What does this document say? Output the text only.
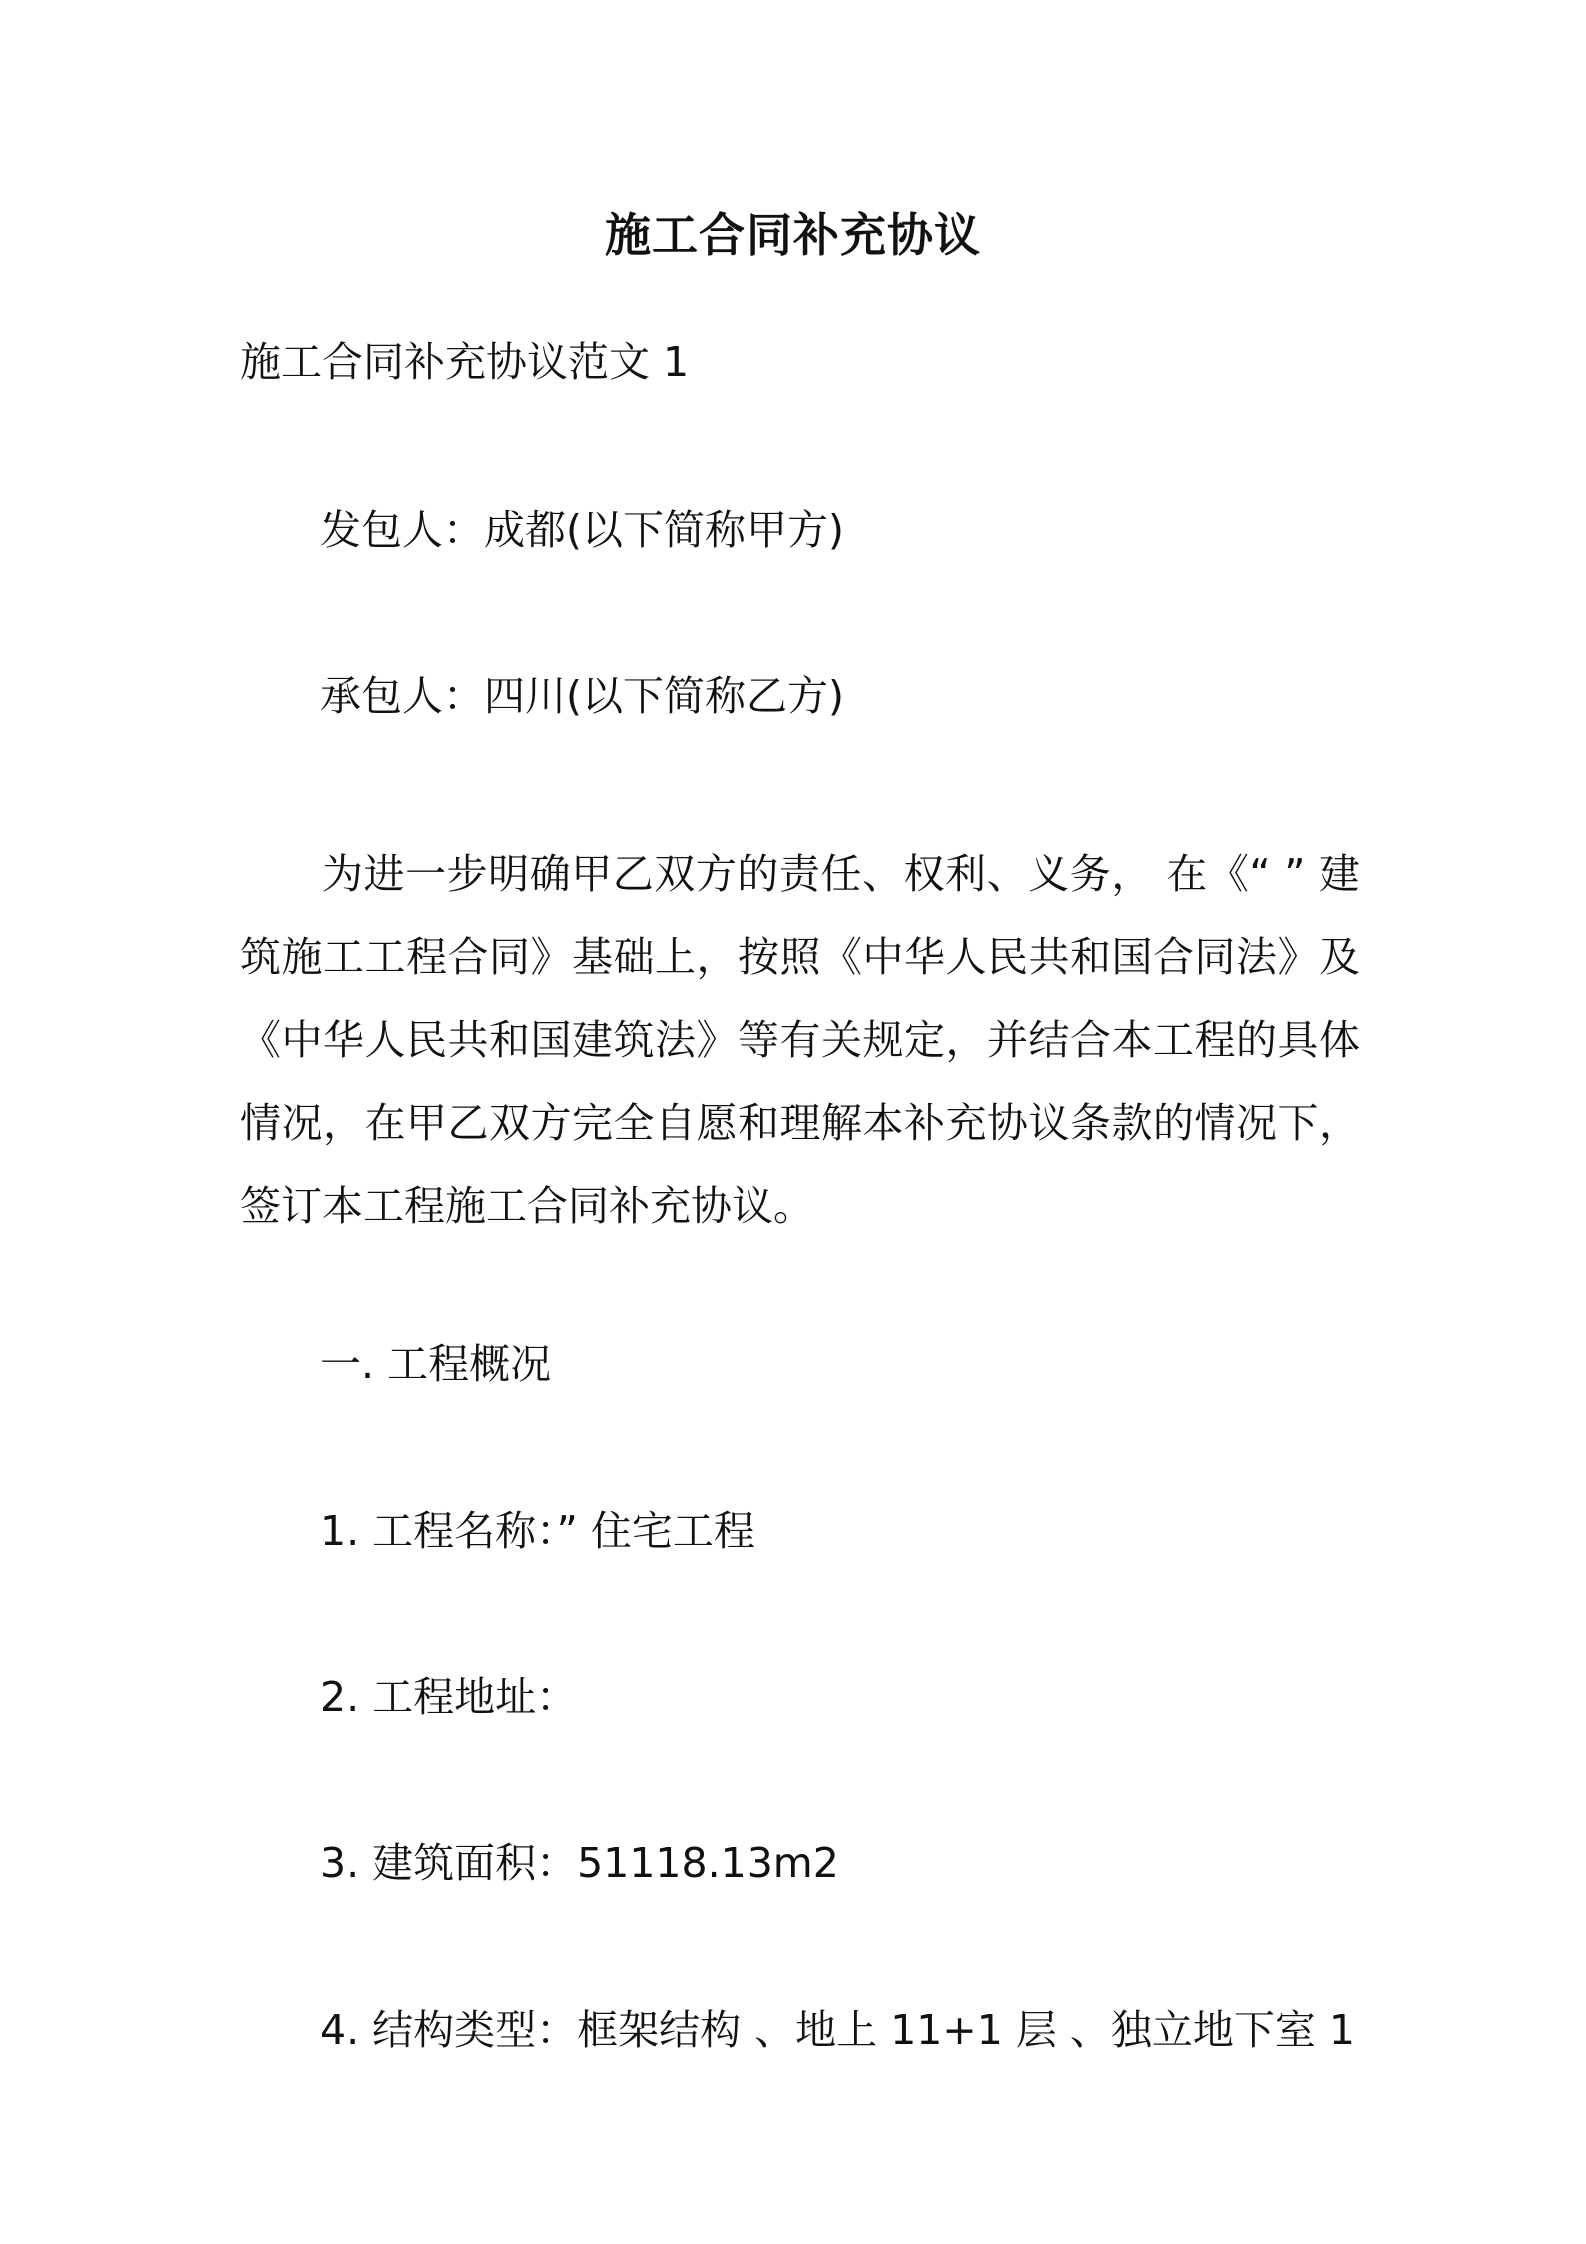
施工合同补充协议
施工合同补充协议范文 1
发包人：成都(以下简称甲方)
承包人：四川(以下简称乙方)
为进一步明确甲乙双方的责任、权利、义务， 在《“ ” 建筑施工工程合同》基础上，按照《中华人民共和国合同法》及《中华人民共和国建筑法》等有关规定，并结合本工程的具体情况，在甲乙双方完全自愿和理解本补充协议条款的情况下，签订本工程施工合同补充协议。
一. 工程概况
1. 工程名称：” 住宅工程
2. 工程地址：
3. 建筑面积：51118.13m2
4. 结构类型：框架结构 、地上 11+1 层 、独立地下室 1
